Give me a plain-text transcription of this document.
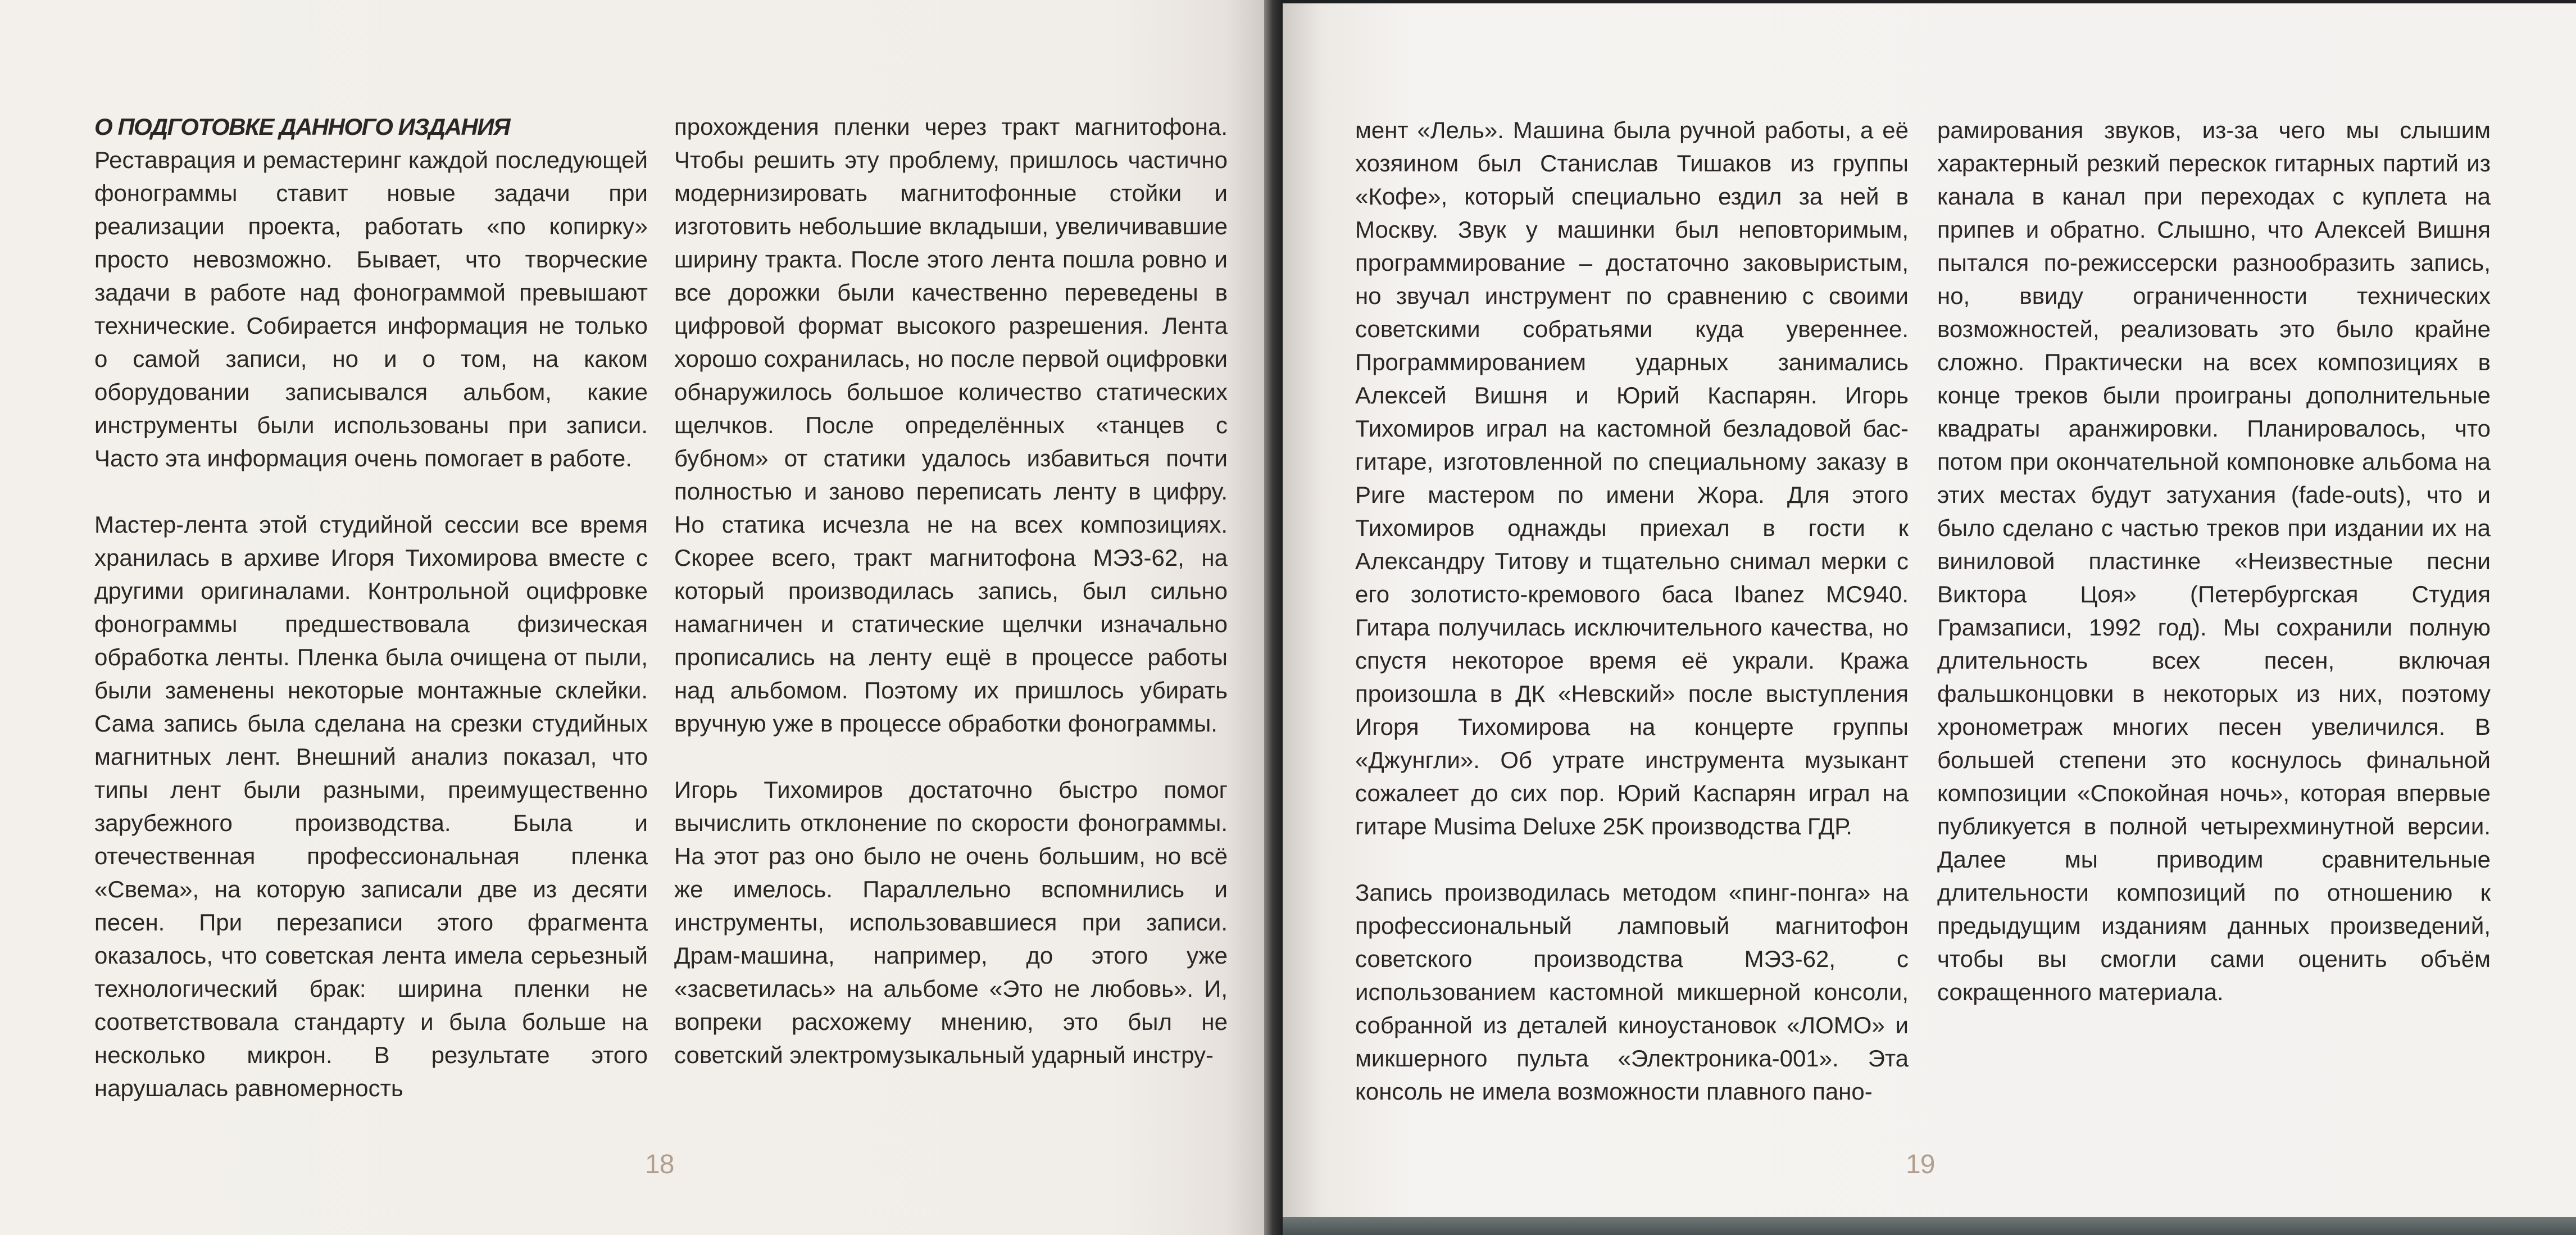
О ПОДГОТОВКЕ ДАННОГО ИЗДАНИЯ
Реставрация и ремастеринг каждой последующей фонограммы ставит новые задачи при реализации проекта, работать «по копирку» просто невозможно. Бывает, что творческие задачи в работе над фонограммой превышают технические. Собирается информация не только о самой записи, но и о том, на каком оборудовании записывался альбом, какие инструменты были использованы при записи. Часто эта информация очень помогает в работе.

Мастер-лента этой студийной сессии все время хранилась в архиве Игоря Тихомирова вместе с другими оригиналами. Контрольной оцифровке фонограммы предшествовала физическая обработка ленты. Пленка была очищена от пыли, были заменены некоторые монтажные склейки. Сама запись была сделана на срезки студийных магнитных лент. Внешний анализ показал, что типы лент были разными, преимущественно зарубежного производства. Была и отечественная профессиональная пленка «Свема», на которую записали две из десяти песен. При перезаписи этого фрагмента оказалось, что советская лента имела серьезный технологический брак: ширина пленки не соответствовала стандарту и была больше на несколько микрон. В результате этого нарушалась равномерность

прохождения пленки через тракт магнитофона. Чтобы решить эту проблему, пришлось частично модернизировать магнитофонные стойки и изготовить небольшие вкладыши, увеличивавшие ширину тракта. После этого лента пошла ровно и все дорожки были качественно переведены в цифровой формат высокого разрешения. Лента хорошо сохранилась, но после первой оцифровки обнаружилось большое количество статических щелчков. После определённых «танцев с бубном» от статики удалось избавиться почти полностью и заново переписать ленту в цифру. Но статика исчезла не на всех композициях. Скорее всего, тракт магнитофона МЭЗ-62, на который производилась запись, был сильно намагничен и статические щелчки изначально прописались на ленту ещё в процессе работы над альбомом. Поэтому их пришлось убирать вручную уже в процессе обработки фонограммы.

Игорь Тихомиров достаточно быстро помог вычислить отклонение по скорости фонограммы. На этот раз оно было не очень большим, но всё же имелось. Параллельно вспомнились и инструменты, использовавшиеся при записи. Драм-машина, например, до этого уже «засветилась» на альбоме «Это не любовь». И, вопреки расхожему мнению, это был не советский электромузыкальный ударный инстру-

18

мент «Лель». Машина была ручной работы, а её хозяином был Станислав Тишаков из группы «Кофе», который специально ездил за ней в Москву. Звук у машинки был неповторимым, программирование – достаточно заковыристым, но звучал инструмент по сравнению с своими советскими собратьями куда увереннее. Программированием ударных занимались Алексей Вишня и Юрий Каспарян. Игорь Тихомиров играл на кастомной безладовой бас-гитаре, изготовленной по специальному заказу в Риге мастером по имени Жора. Для этого Тихомиров однажды приехал в гости к Александру Титову и тщательно снимал мерки с его золотисто-кремового баса Ibanez MC940. Гитара получилась исключительного качества, но спустя некоторое время её украли. Кража произошла в ДК «Невский» после выступления Игоря Тихомирова на концерте группы «Джунгли». Об утрате инструмента музыкант сожалеет до сих пор. Юрий Каспарян играл на гитаре Musima Deluxe 25K производства ГДР.

Запись производилась методом «пинг-понга» на профессиональный ламповый магнитофон советского производства МЭЗ-62, с использованием кастомной микшерной консоли, собранной из деталей киноустановок «ЛОМО» и микшерного пульта «Электроника-001». Эта консоль не имела возможности плавного пано-

рамирования звуков, из-за чего мы слышим характерный резкий перескок гитарных партий из канала в канал при переходах с куплета на припев и обратно. Слышно, что Алексей Вишня пытался по-режиссерски разнообразить запись, но, ввиду ограниченности технических возможностей, реализовать это было крайне сложно. Практически на всех композициях в конце треков были проиграны дополнительные квадраты аранжировки. Планировалось, что потом при окончательной компоновке альбома на этих местах будут затухания (fade-outs), что и было сделано с частью треков при издании их на виниловой пластинке «Неизвестные песни Виктора Цоя» (Петербургская Студия Грамзаписи, 1992 год). Мы сохранили полную длительность всех песен, включая фальшконцовки в некоторых из них, поэтому хронометраж многих песен увеличился. В большей степени это коснулось финальной композиции «Спокойная ночь», которая впервые публикуется в полной четырехминутной версии. Далее мы приводим сравнительные длительности композиций по отношению к предыдущим изданиям данных произведений, чтобы вы смогли сами оценить объём сокращенного материала.

19
